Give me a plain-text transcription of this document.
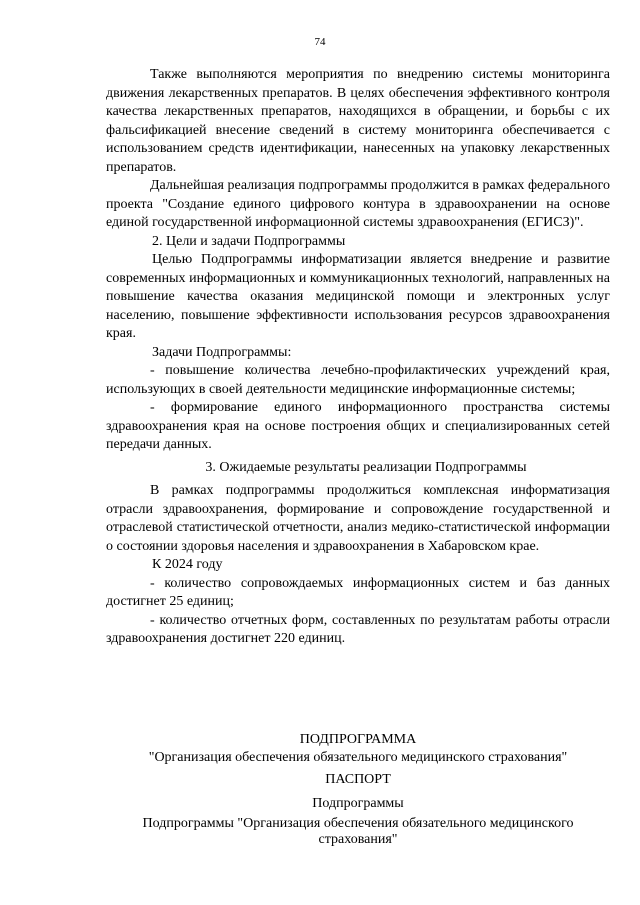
74

Также выполняются мероприятия по внедрению системы мониторинга движения лекарственных препаратов. В целях обеспечения эффективного контроля качества лекарственных препаратов, находящихся в обращении, и борьбы с их фальсификацией внесение сведений в систему мониторинга обеспечивается с использованием средств идентификации, нанесенных на упаковку лекарственных препаратов.

Дальнейшая реализация подпрограммы продолжится в рамках федерального проекта "Создание единого цифрового контура в здравоохранении на основе единой государственной информационной системы здравоохранения (ЕГИСЗ)".

2. Цели и задачи Подпрограммы

Целью Подпрограммы информатизации является внедрение и развитие современных информационных и коммуникационных технологий, направленных на повышение качества оказания медицинской помощи и электронных услуг населению, повышение эффективности использования ресурсов здравоохранения края.

Задачи Подпрограммы:

- повышение количества лечебно-профилактических учреждений края, использующих в своей деятельности медицинские информационные системы;

- формирование единого информационного пространства системы здравоохранения края на основе построения общих и специализированных сетей передачи данных.

3. Ожидаемые результаты реализации Подпрограммы

В рамках подпрограммы продолжиться комплексная информатизация отрасли здравоохранения, формирование и сопровождение государственной и отраслевой статистической отчетности, анализ медико-статистической информации о состоянии здоровья населения и здравоохранения в Хабаровском крае.

К 2024 году

- количество сопровождаемых информационных систем и баз данных достигнет 25 единиц;

- количество отчетных форм, составленных по результатам работы отрасли здравоохранения достигнет 220 единиц.

ПОДПРОГРАММА
"Организация обеспечения обязательного медицинского страхования"
ПАСПОРТ
Подпрограммы
Подпрограммы "Организация обеспечения обязательного медицинского
страхования"
